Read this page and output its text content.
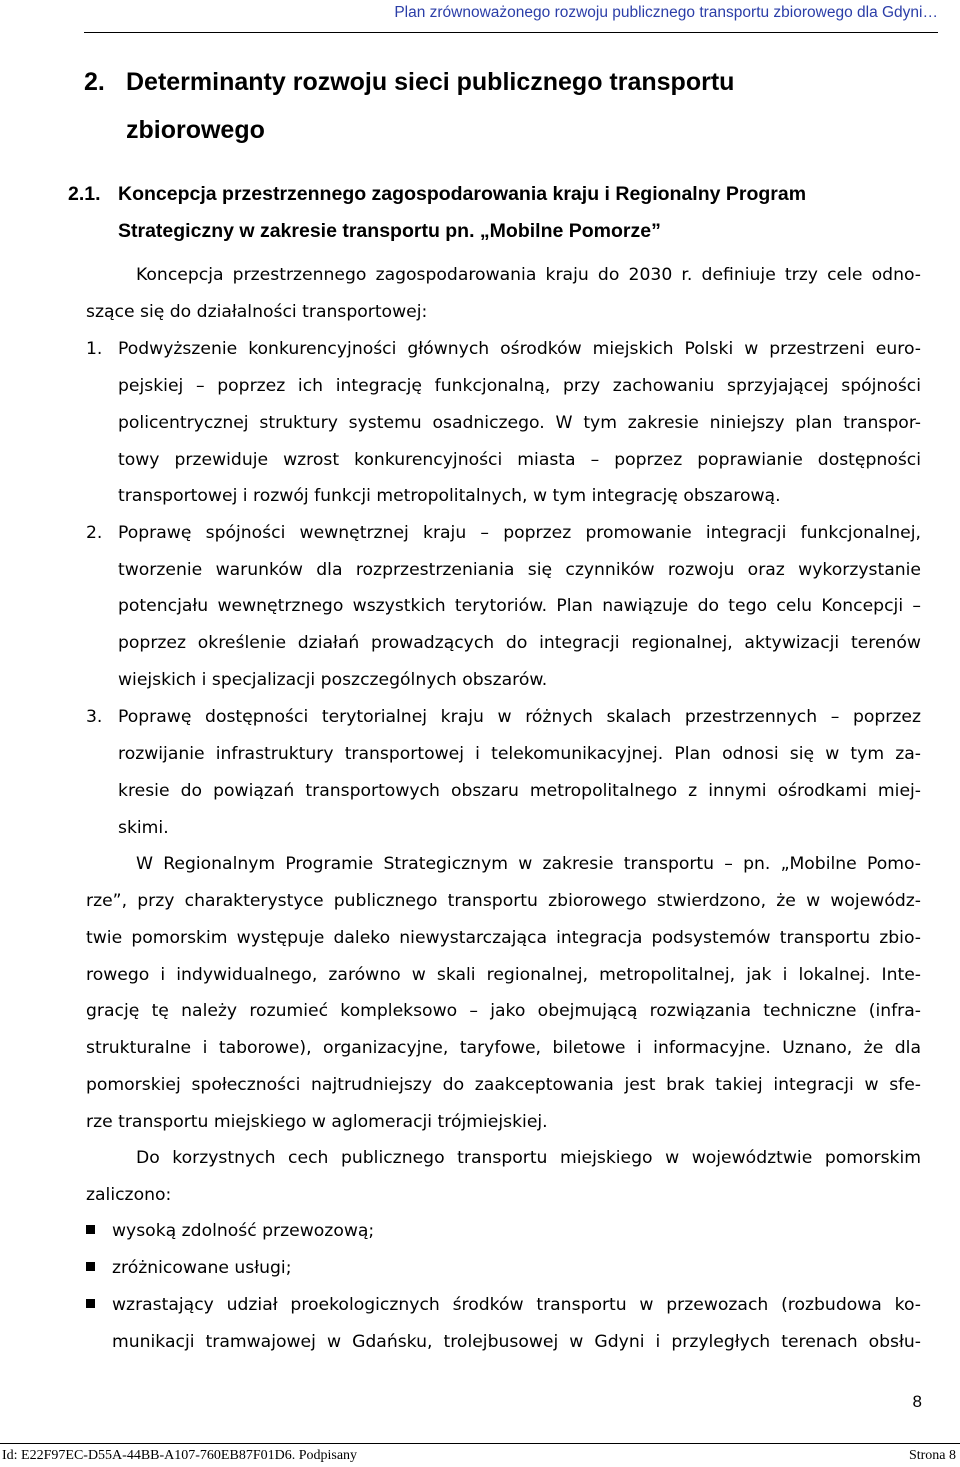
Plan zrównoważonego rozwoju publicznego transportu zbiorowego dla Gdyni…
2. Determinanty rozwoju sieci publicznego transportu
zbiorowego
2.1. Koncepcja przestrzennego zagospodarowania kraju i Regionalny Program
Strategiczny w zakresie transportu pn. „Mobilne Pomorze”
Koncepcja przestrzennego zagospodarowania kraju do 2030 r. definiuje trzy cele odno-
szące się do działalności transportowej:
1. Podwyższenie konkurencyjności głównych ośrodków miejskich Polski w przestrzeni euro-
pejskiej – poprzez ich integrację funkcjonalną, przy zachowaniu sprzyjającej spójności
policentrycznej struktury systemu osadniczego. W tym zakresie niniejszy plan transpor-
towy przewiduje wzrost konkurencyjności miasta – poprzez poprawianie dostępności
transportowej i rozwój funkcji metropolitalnych, w tym integrację obszarową.
2. Poprawę spójności wewnętrznej kraju – poprzez promowanie integracji funkcjonalnej,
tworzenie warunków dla rozprzestrzeniania się czynników rozwoju oraz wykorzystanie
potencjału wewnętrznego wszystkich terytoriów. Plan nawiązuje do tego celu Koncepcji –
poprzez określenie działań prowadzących do integracji regionalnej, aktywizacji terenów
wiejskich i specjalizacji poszczególnych obszarów.
3. Poprawę dostępności terytorialnej kraju w różnych skalach przestrzennych – poprzez
rozwijanie infrastruktury transportowej i telekomunikacyjnej. Plan odnosi się w tym za-
kresie do powiązań transportowych obszaru metropolitalnego z innymi ośrodkami miej-
skimi.
W Regionalnym Programie Strategicznym w zakresie transportu – pn. „Mobilne Pomo-
rze”, przy charakterystyce publicznego transportu zbiorowego stwierdzono, że w wojewódz-
twie pomorskim występuje daleko niewystarczająca integracja podsystemów transportu zbio-
rowego i indywidualnego, zarówno w skali regionalnej, metropolitalnej, jak i lokalnej. Inte-
grację tę należy rozumieć kompleksowo – jako obejmującą rozwiązania techniczne (infra-
strukturalne i taborowe), organizacyjne, taryfowe, biletowe i informacyjne. Uznano, że dla
pomorskiej społeczności najtrudniejszy do zaakceptowania jest brak takiej integracji w sfe-
rze transportu miejskiego w aglomeracji trójmiejskiej.
Do korzystnych cech publicznego transportu miejskiego w województwie pomorskim
zaliczono:
wysoką zdolność przewozową;
zróżnicowane usługi;
wzrastający udział proekologicznych środków transportu w przewozach (rozbudowa ko-
munikacji tramwajowej w Gdańsku, trolejbusowej w Gdyni i przyległych terenach obsłu-
8
Id: E22F97EC-D55A-44BB-A107-760EB87F01D6. Podpisany	Strona 8
